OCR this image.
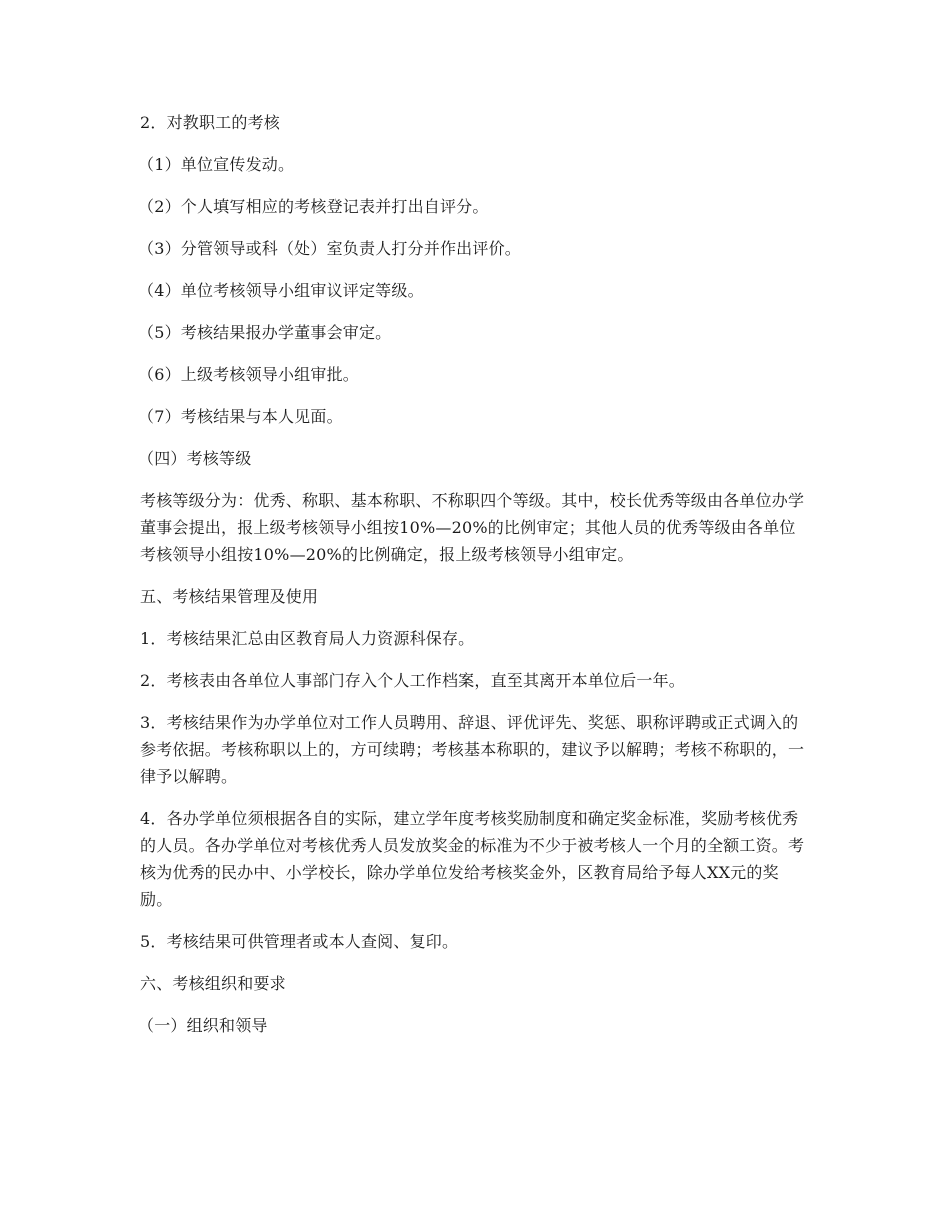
2．对教职工的考核

（1）单位宣传发动。

（2）个人填写相应的考核登记表并打出自评分。

（3）分管领导或科（处）室负责人打分并作出评价。

（4）单位考核领导小组审议评定等级。

（5）考核结果报办学董事会审定。

（6）上级考核领导小组审批。

（7）考核结果与本人见面。

（四）考核等级

考核等级分为：优秀、称职、基本称职、不称职四个等级。其中，校长优秀等级由各单位办学董事会提出，报上级考核领导小组按10%—20%的比例审定；其他人员的优秀等级由各单位考核领导小组按10%—20%的比例确定，报上级考核领导小组审定。

五、考核结果管理及使用

1．考核结果汇总由区教育局人力资源科保存。

2．考核表由各单位人事部门存入个人工作档案，直至其离开本单位后一年。

3．考核结果作为办学单位对工作人员聘用、辞退、评优评先、奖惩、职称评聘或正式调入的参考依据。考核称职以上的，方可续聘；考核基本称职的，建议予以解聘；考核不称职的，一律予以解聘。

4．各办学单位须根据各自的实际，建立学年度考核奖励制度和确定奖金标准，奖励考核优秀的人员。各办学单位对考核优秀人员发放奖金的标准为不少于被考核人一个月的全额工资。考核为优秀的民办中、小学校长，除办学单位发给考核奖金外，区教育局给予每人XX元的奖励。

5．考核结果可供管理者或本人查阅、复印。

六、考核组织和要求

（一）组织和领导
